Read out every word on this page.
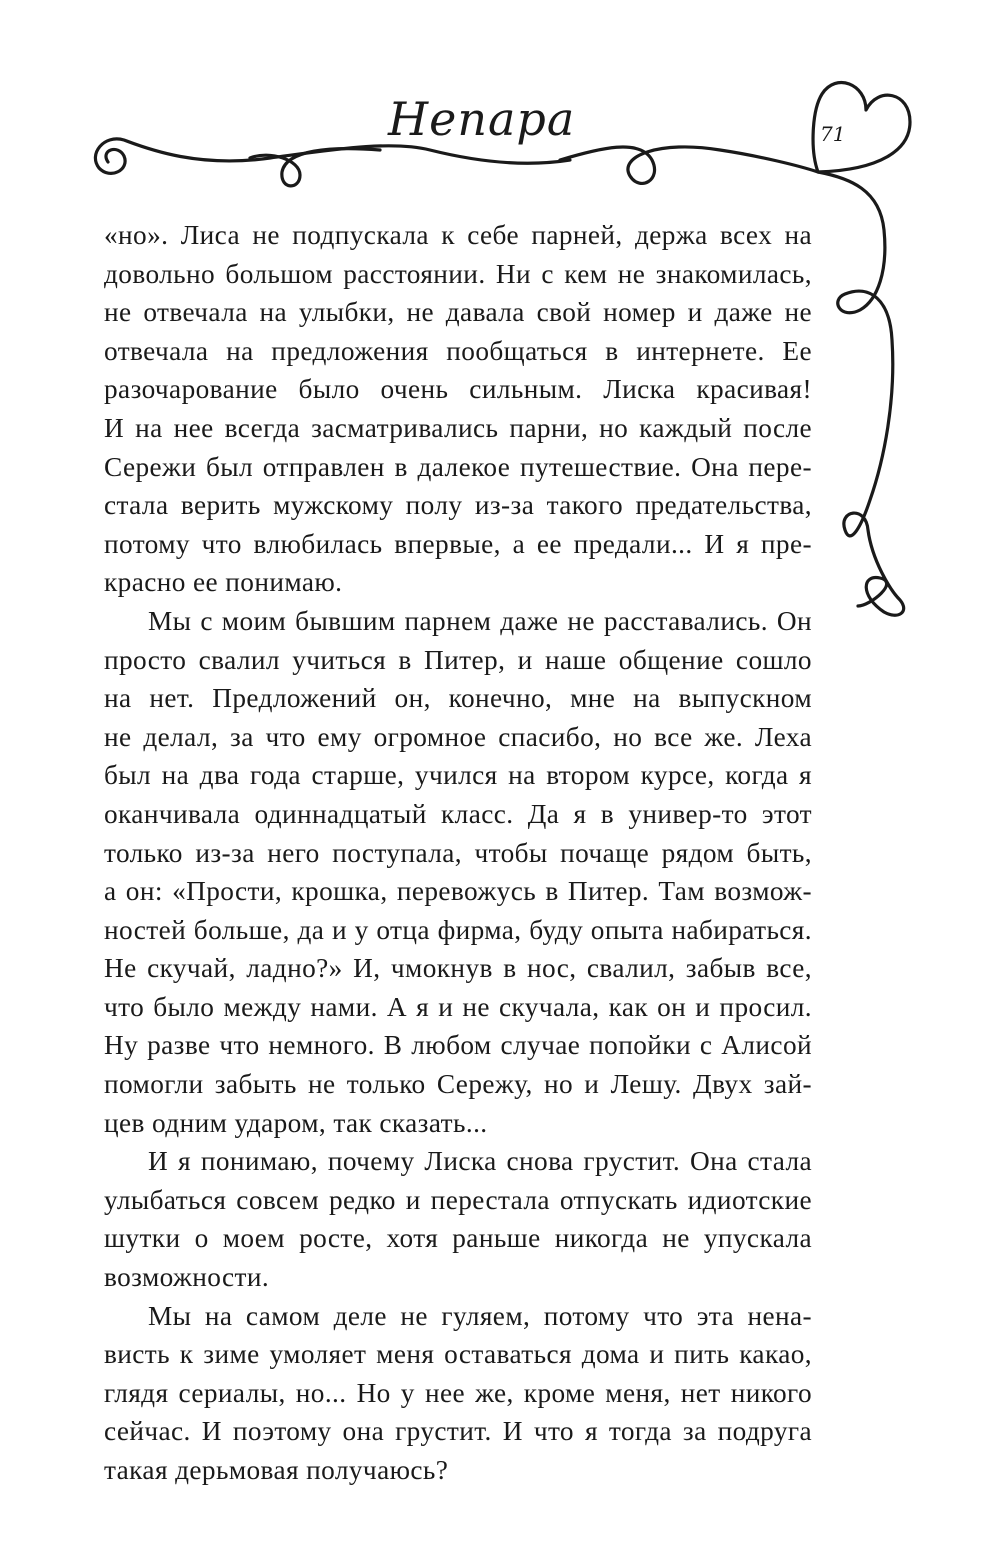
Непара	71
«но». Лиса не подпускала к себе парней, держа всех на
довольно большом расстоянии. Ни с кем не знакомилась,
не отвечала на улыбки, не давала свой номер и даже не
отвечала на предложения пообщаться в интернете. Ее
разочарование было очень сильным. Лиска красивая!
И на нее всегда засматривались парни, но каждый после
Сережи был отправлен в далекое путешествие. Она пере-
стала верить мужскому полу из-за такого предательства,
потому что влюбилась впервые, а ее предали... И я пре-
красно ее понимаю.
Мы с моим бывшим парнем даже не расставались. Он
просто свалил учиться в Питер, и наше общение сошло
на нет. Предложений он, конечно, мне на выпускном
не делал, за что ему огромное спасибо, но все же. Леха
был на два года старше, учился на втором курсе, когда я
оканчивала одиннадцатый класс. Да я в универ-то этот
только из-за него поступала, чтобы почаще рядом быть,
а он: «Прости, крошка, перевожусь в Питер. Там возмож-
ностей больше, да и у отца фирма, буду опыта набираться.
Не скучай, ладно?» И, чмокнув в нос, свалил, забыв все,
что было между нами. А я и не скучала, как он и просил.
Ну разве что немного. В любом случае попойки с Алисой
помогли забыть не только Сережу, но и Лешу. Двух зай-
цев одним ударом, так сказать...
И я понимаю, почему Лиска снова грустит. Она стала
улыбаться совсем редко и перестала отпускать идиотские
шутки о моем росте, хотя раньше никогда не упускала
возможности.
Мы на самом деле не гуляем, потому что эта нена-
висть к зиме умоляет меня оставаться дома и пить какао,
глядя сериалы, но... Но у нее же, кроме меня, нет никого
сейчас. И поэтому она грустит. И что я тогда за подруга
такая дерьмовая получаюсь?
